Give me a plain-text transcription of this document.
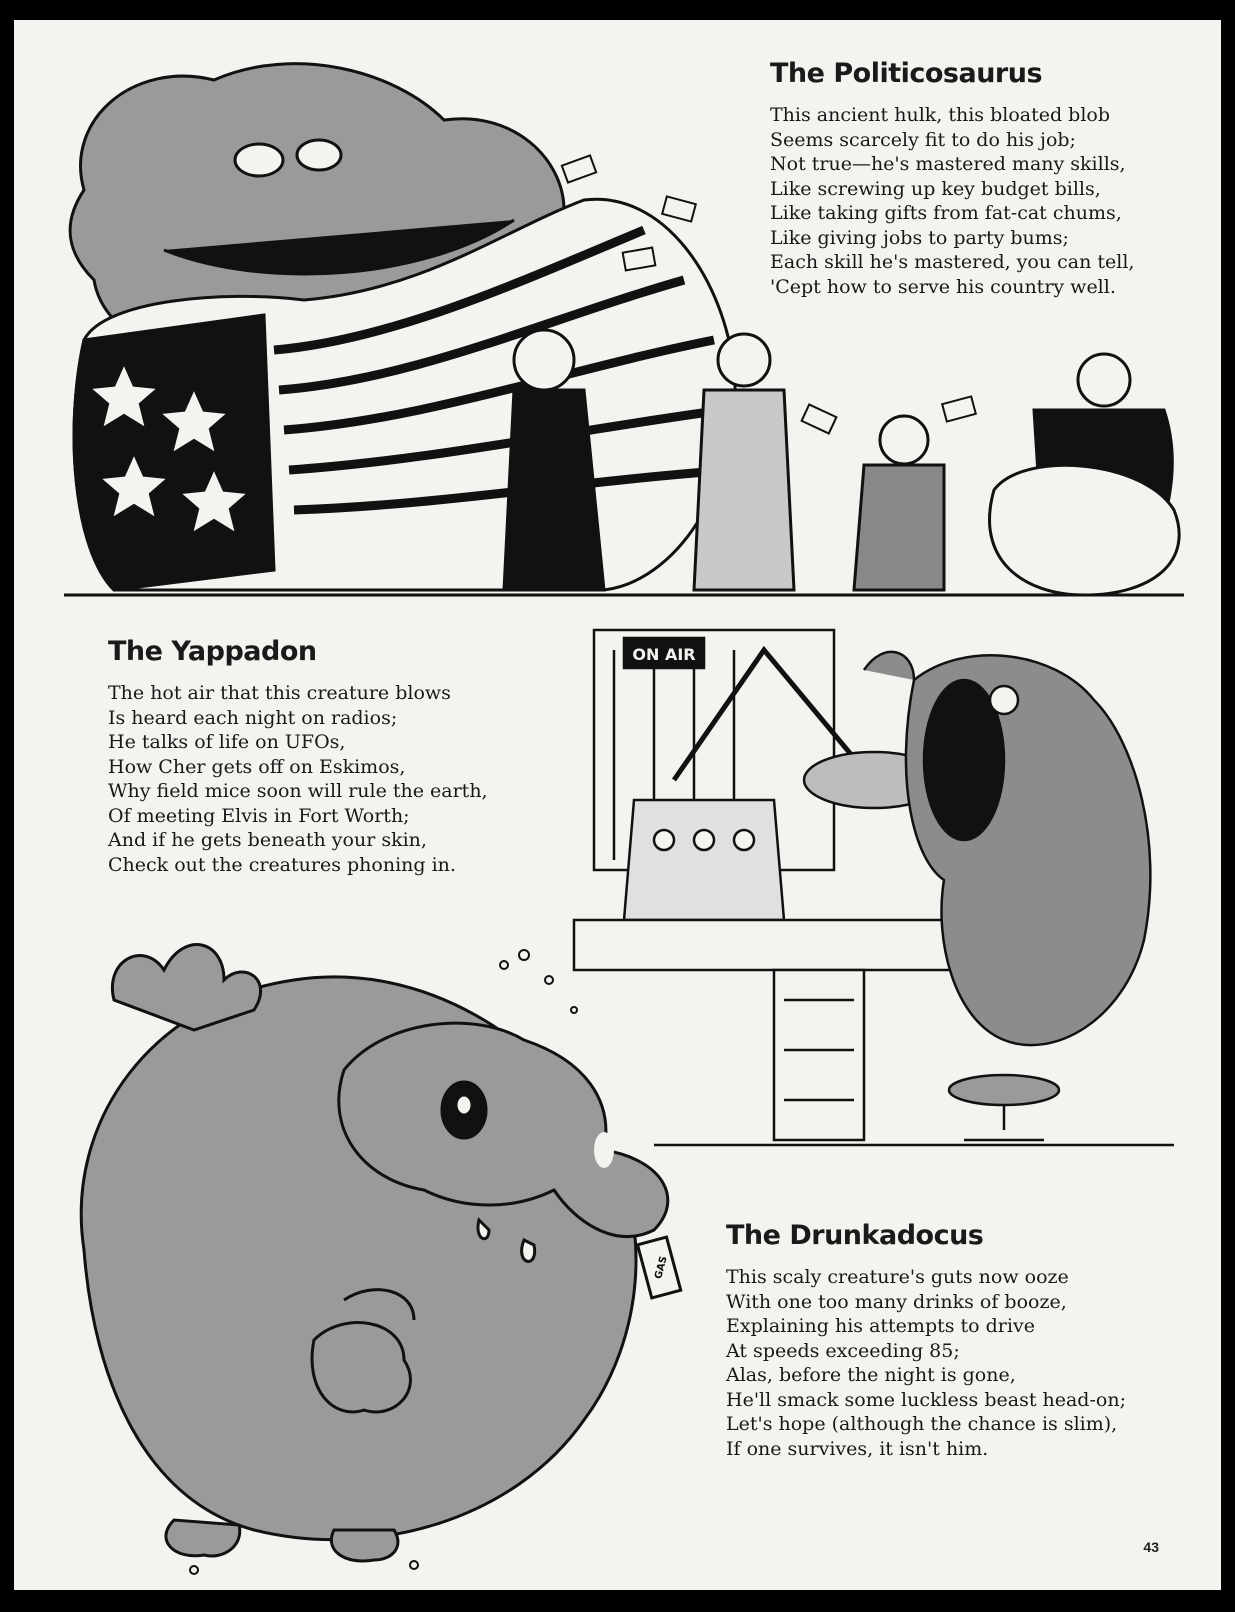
The Politicosaurus
This ancient hulk, this bloated blob
Seems scarcely fit to do his job;
Not true—he's mastered many skills,
Like screwing up key budget bills,
Like taking gifts from fat-cat chums,
Like giving jobs to party bums;
Each skill he's mastered, you can tell,
'Cept how to serve his country well.
ON AIR
The Yappadon
The hot air that this creature blows
Is heard each night on radios;
He talks of life on UFOs,
How Cher gets off on Eskimos,
Why field mice soon will rule the earth,
Of meeting Elvis in Fort Worth;
And if he gets beneath your skin,
Check out the creatures phoning in.
GAS
The Drunkadocus
This scaly creature's guts now ooze
With one too many drinks of booze,
Explaining his attempts to drive
At speeds exceeding 85;
Alas, before the night is gone,
He'll smack some luckless beast head-on;
Let's hope (although the chance is slim),
If one survives, it isn't him.
43
